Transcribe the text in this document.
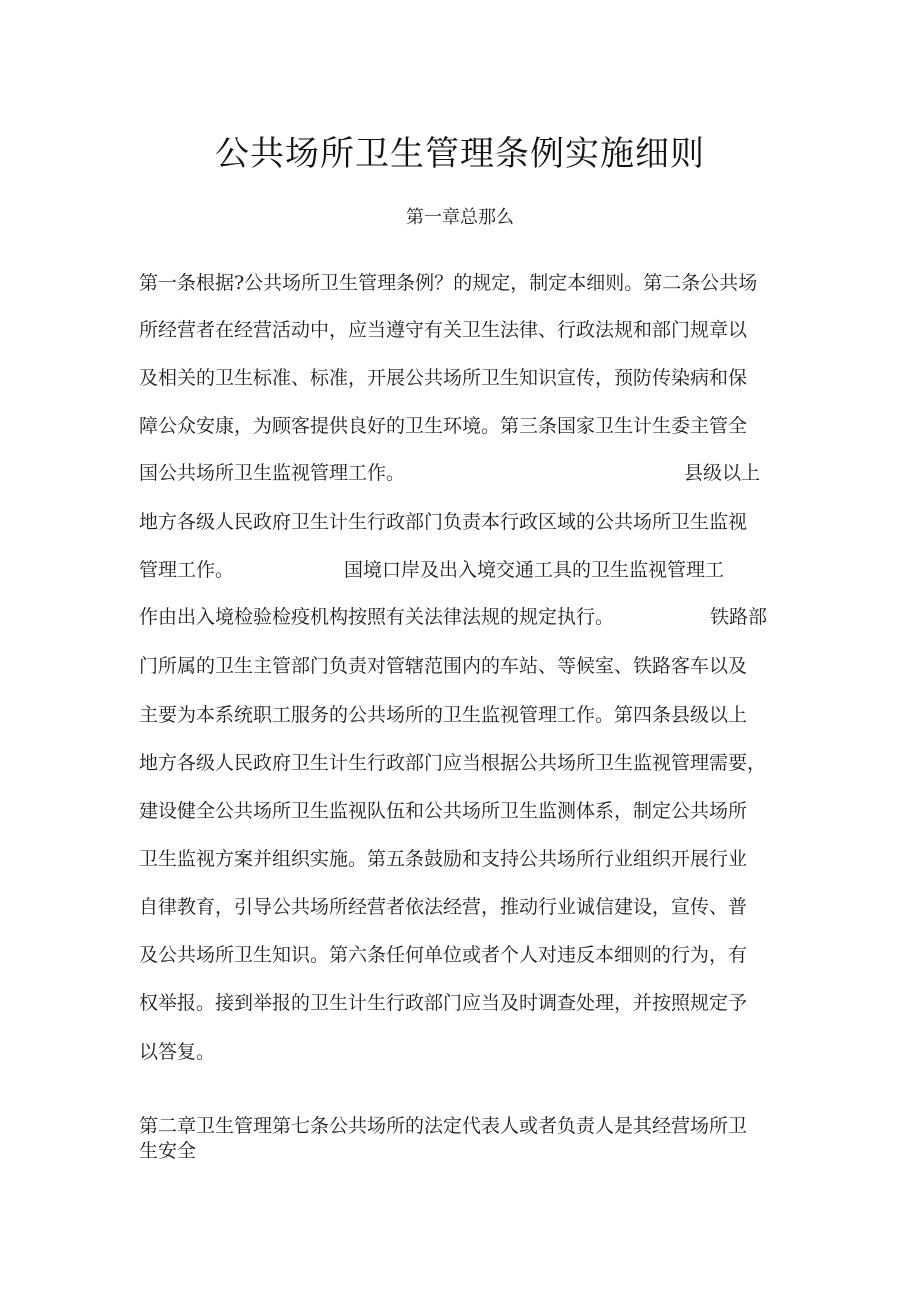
公共场所卫生管理条例实施细则
第一章总那么
第一条根据?公共场所卫生管理条例？的规定，制定本细则。第二条公共场
所经营者在经营活动中，应当遵守有关卫生法律、行政法规和部门规章以
及相关的卫生标准、标准，开展公共场所卫生知识宣传，预防传染病和保
障公众安康，为顾客提供良好的卫生环境。第三条国家卫生计生委主管全
国公共场所卫生监视管理工作。	县级以上
地方各级人民政府卫生计生行政部门负责本行政区域的公共场所卫生监视
管理工作。	国境口岸及出入境交通工具的卫生监视管理工
作由出入境检验检疫机构按照有关法律法规的规定执行。	铁路部
门所属的卫生主管部门负责对管辖范围内的车站、等候室、铁路客车以及
主要为本系统职工服务的公共场所的卫生监视管理工作。第四条县级以上
地方各级人民政府卫生计生行政部门应当根据公共场所卫生监视管理需要，
建设健全公共场所卫生监视队伍和公共场所卫生监测体系，制定公共场所
卫生监视方案并组织实施。第五条鼓励和支持公共场所行业组织开展行业
自律教育，引导公共场所经营者依法经营，推动行业诚信建设，宣传、普
及公共场所卫生知识。第六条任何单位或者个人对违反本细则的行为，有
权举报。接到举报的卫生计生行政部门应当及时调查处理，并按照规定予
以答复。
第二章卫生管理第七条公共场所的法定代表人或者负责人是其经营场所卫
生安全
